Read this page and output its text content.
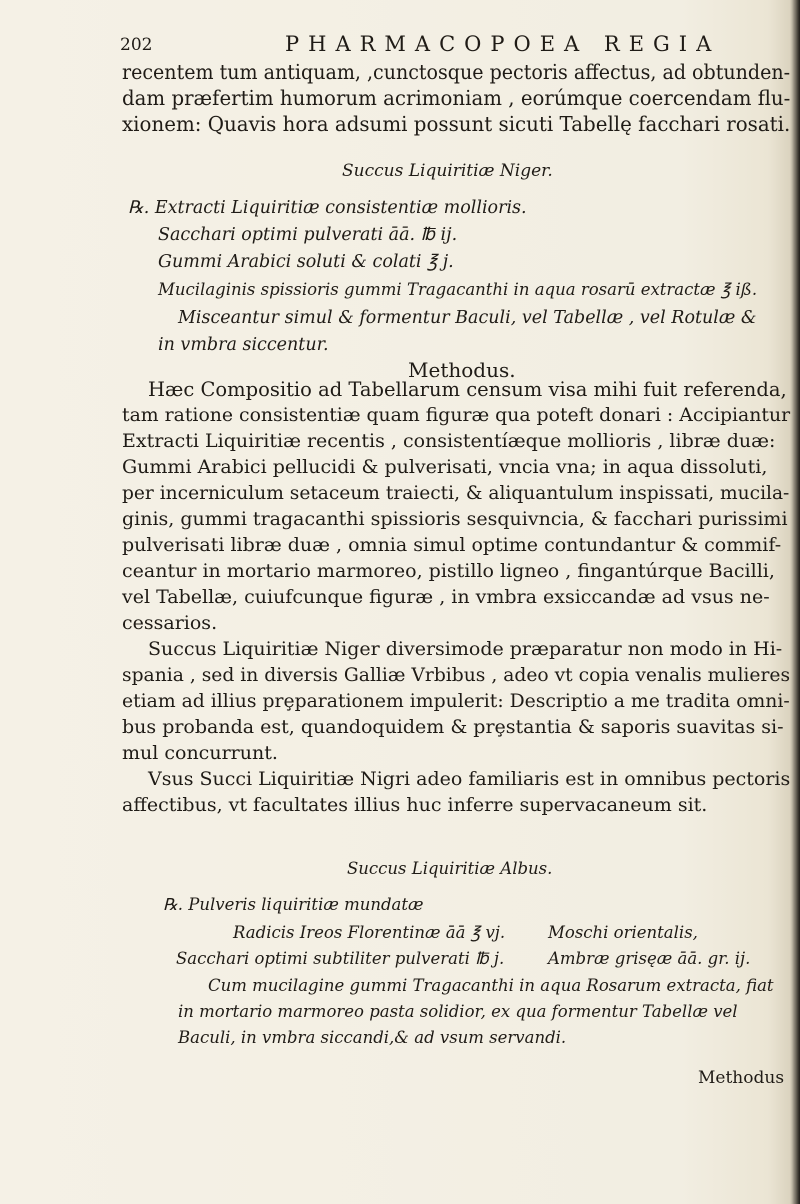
202	PHARMACOPOEA REGIA
recentem tum antiquam, ,cunctosque pectoris affectus, ad obtunden-
dam præfertim humorum acrimoniam , eorúmque coercendam flu-
xionem: Quavis hora adsumi possunt sicuti Tabellę facchari rosati.
Succus Liquiritiæ Niger.
℞. Extracti Liquiritiæ consistentiæ mollioris.
Sacchari optimi pulverati āā. ℔ ij.
Gummi Arabici soluti & colati ℥ j.
Mucilaginis spissioris gummi Tragacanthi in aqua rosarū extractæ ℥ iß.
Misceantur simul & formentur Baculi, vel Tabellæ , vel Rotulæ &
in vmbra siccentur.
Methodus.
Hæc Compositio ad Tabellarum censum visa mihi fuit referenda,
tam ratione consistentiæ quam figuræ qua poteft donari : Accipiantur
Extracti Liquiritiæ recentis , consistentíæque mollioris , libræ duæ:
Gummi Arabici pellucidi & pulverisati, vncia vna; in aqua dissoluti,
per incerniculum setaceum traiecti, & aliquantulum inspissati, mucila-
ginis, gummi tragacanthi spissioris sesquivncia, & facchari purissimi
pulverisati libræ duæ , omnia simul optime contundantur & commif-
ceantur in mortario marmoreo, pistillo ligneo , fingantúrque Bacilli,
vel Tabellæ, cuiufcunque figuræ , in vmbra exsiccandæ ad vsus ne-
cessarios.
Succus Liquiritiæ Niger diversimode præparatur non modo in Hi-
spania , sed in diversis Galliæ Vrbibus , adeo vt copia venalis mulieres
etiam ad illius prȩparationem impulerit: Descriptio a me tradita omni-
bus probanda est, quandoquidem & prȩstantia & saporis suavitas si-
mul concurrunt.
Vsus Succi Liquiritiæ Nigri adeo familiaris est in omnibus pectoris
affectibus, vt facultates illius huc inferre supervacaneum sit.
Succus Liquiritiæ Albus.
℞. Pulveris liquiritiæ mundatæ
Radicis Ireos Florentinæ āā ℥ vj.	Moschi orientalis,
Sacchari optimi subtiliter pulverati ℔ j.	Ambræ grisęæ āā. gr. ij.
Cum mucilagine gummi Tragacanthi in aqua Rosarum extracta, fiat
in mortario marmoreo pasta solidior, ex qua formentur Tabellæ vel
Baculi, in vmbra siccandi,& ad vsum servandi.
Methodus
